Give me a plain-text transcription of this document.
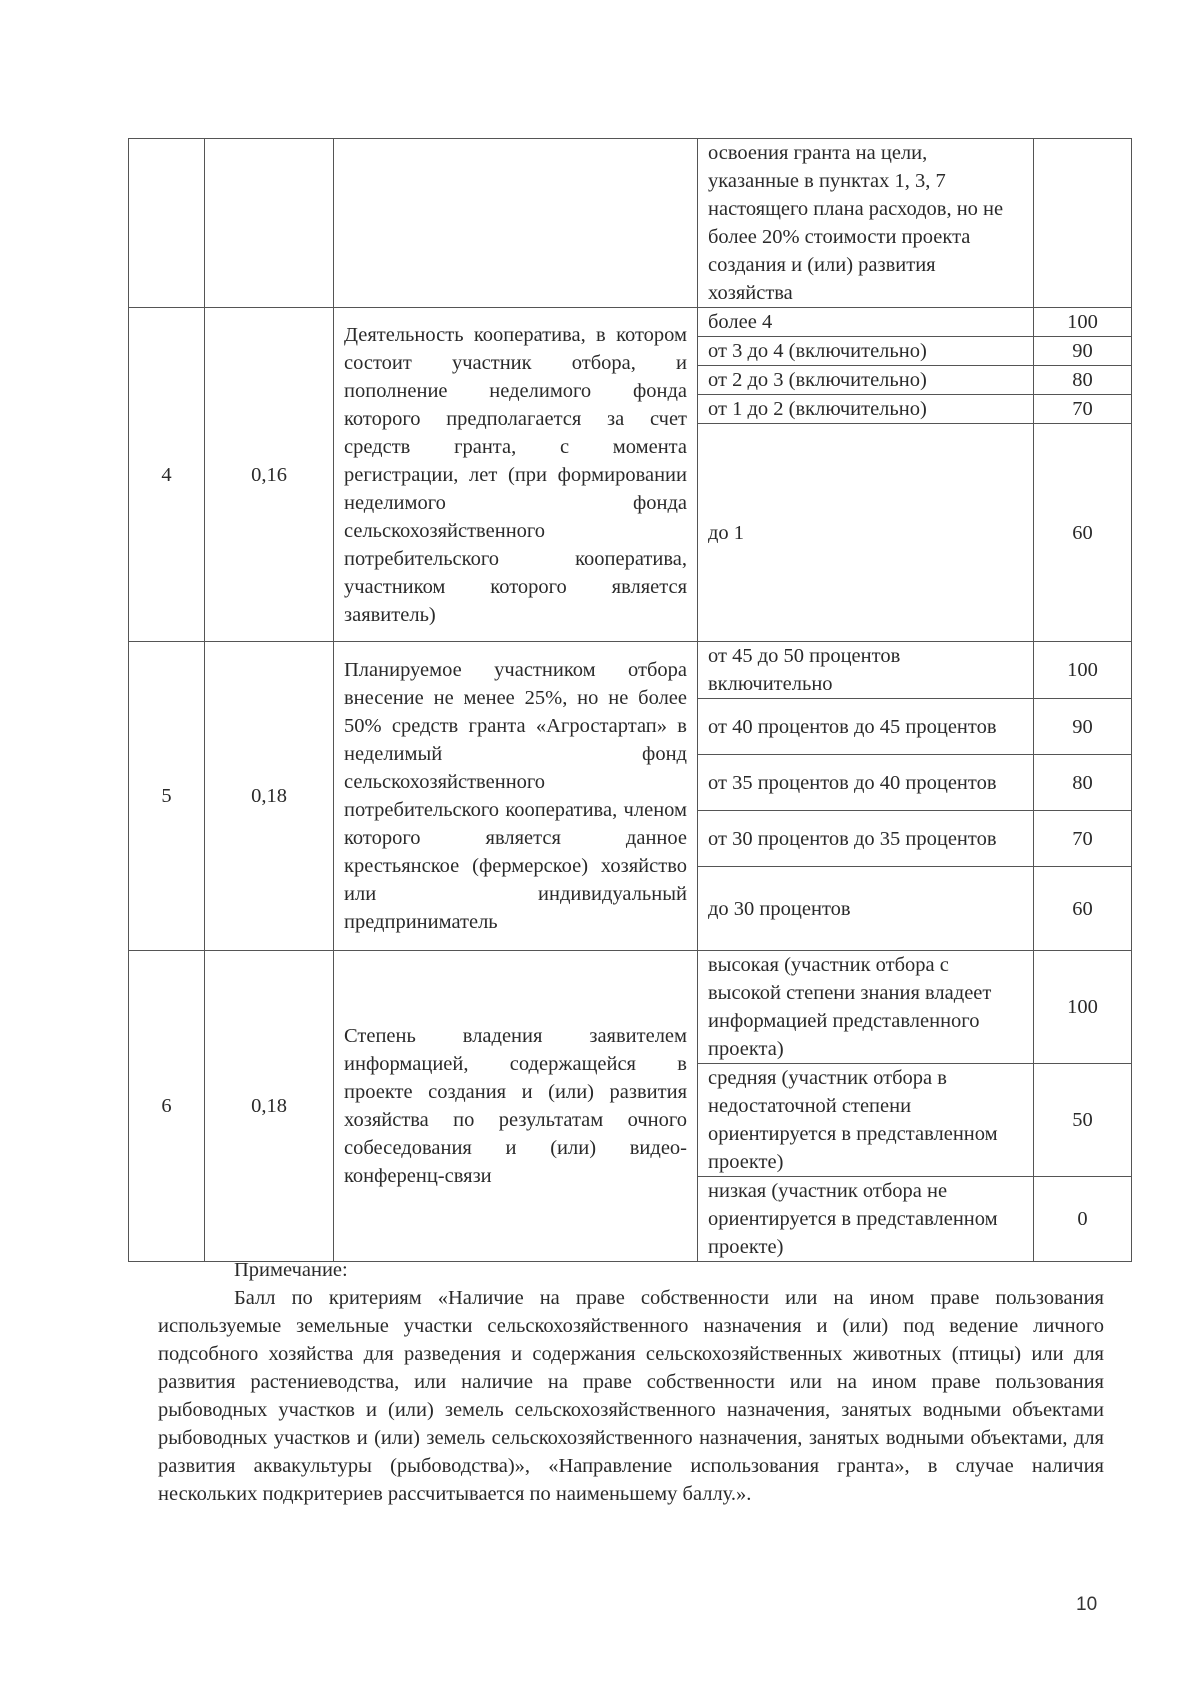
			освоения гранта на цели, указанные в пунктах 1, 3, 7 настоящего плана расходов, но не более 20% стоимости проекта создания и (или) развития хозяйства	
4	0,16	Деятельность кооператива, в котором состоит участник отбора, и пополнение неделимого фонда которого предполагается за счет средств гранта, с момента регистрации, лет (при формировании неделимого фонда сельскохозяйственного потребительского кооператива, участником которого является заявитель)	более 4	100
			от 3 до 4 (включительно)	90
			от 2 до 3 (включительно)	80
			от 1 до 2 (включительно)	70
			до 1	60
5	0,18	Планируемое участником отбора внесение не менее 25%, но не более 50% средств гранта «Агростартап» в неделимый фонд сельскохозяйственного потребительского кооператива, членом которого является данное крестьянское (фермерское) хозяйство или индивидуальный предприниматель	от 45 до 50 процентов включительно	100
			от 40 процентов до 45 процентов	90
			от 35 процентов до 40 процентов	80
			от 30 процентов до 35 процентов	70
			до 30 процентов	60
6	0,18	Степень владения заявителем информацией, содержащейся в проекте создания и (или) развития хозяйства по результатам очного собеседования и (или) видео-конференц-связи	высокая (участник отбора с высокой степени знания владеет информацией представленного проекта)	100
			средняя (участник отбора в недостаточной степени ориентируется в представленном проекте)	50
			низкая (участник отбора не ориентируется в представленном проекте)	0
Примечание:

Балл по критериям «Наличие на праве собственности или на ином праве пользования используемые земельные участки сельскохозяйственного назначения и (или) под ведение личного подсобного хозяйства для разведения и содержания сельскохозяйственных животных (птицы) или для развития растениеводства, или наличие на праве собственности или на ином праве пользования рыбоводных участков и (или) земель сельскохозяйственного назначения, занятых водными объектами рыбоводных участков и (или) земель сельскохозяйственного назначения, занятых водными объектами, для развития аквакультуры (рыбоводства)», «Направление использования гранта», в случае наличия нескольких подкритериев рассчитывается по наименьшему баллу.».

10
